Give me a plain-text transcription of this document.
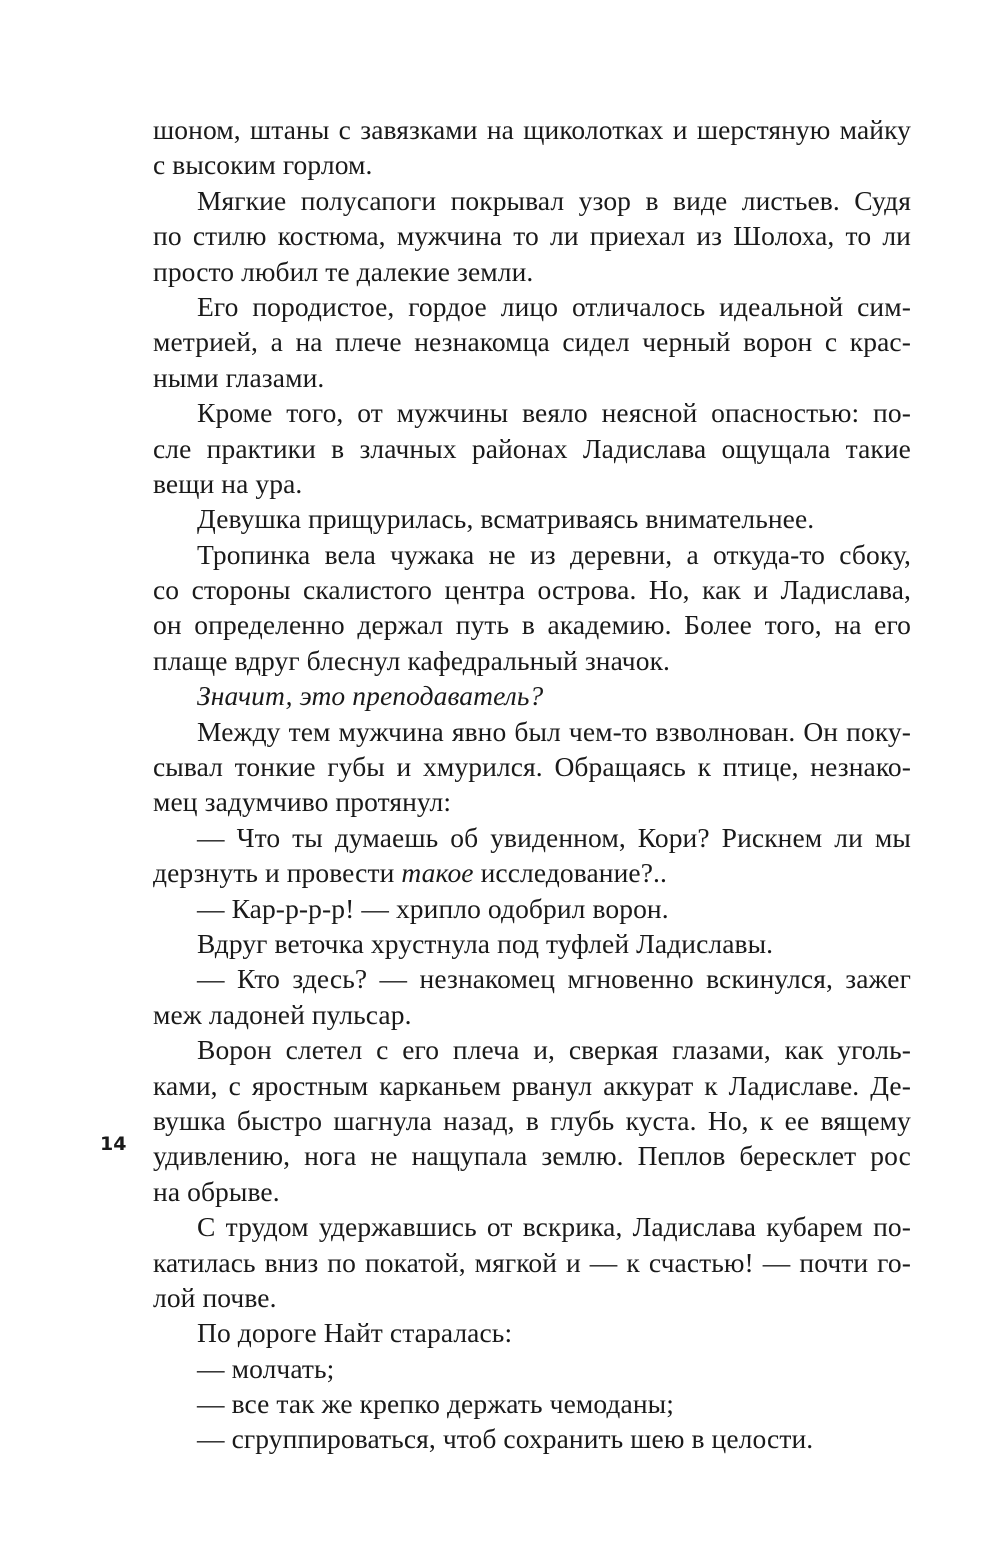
шоном, штаны с завязками на щиколотках и шерстяную майку
с высоким горлом.
Мягкие полусапоги покрывал узор в виде листьев. Судя
по стилю костюма, мужчина то ли приехал из Шолоха, то ли
просто любил те далекие земли.
Его породистое, гордое лицо отличалось идеальной сим-
метрией, а на плече незнакомца сидел черный ворон с крас-
ными глазами.
Кроме того, от мужчины веяло неясной опасностью: по-
сле практики в злачных районах Ладислава ощущала такие
вещи на ура.
Девушка прищурилась, всматриваясь внимательнее.
Тропинка вела чужака не из деревни, а откуда-то сбоку,
со стороны скалистого центра острова. Но, как и Ладислава,
он определенно держал путь в академию. Более того, на его
плаще вдруг блеснул кафедральный значок.
Значит, это преподаватель?
Между тем мужчина явно был чем-то взволнован. Он поку-
сывал тонкие губы и хмурился. Обращаясь к птице, незнако-
мец задумчиво протянул:
— Что ты думаешь об увиденном, Кори? Рискнем ли мы
дерзнуть и провести такое исследование?..
— Кар-р-р-р! — хрипло одобрил ворон.
Вдруг веточка хрустнула под туфлей Ладиславы.
— Кто здесь? — незнакомец мгновенно вскинулся, зажег
меж ладоней пульсар.
Ворон слетел с его плеча и, сверкая глазами, как уголь-
ками, с яростным карканьем рванул аккурат к Ладиславе. Де-
вушка быстро шагнула назад, в глубь куста. Но, к ее вящему
удивлению, нога не нащупала землю. Пеплов бересклет рос
на обрыве.
С трудом удержавшись от вскрика, Ладислава кубарем по-
катилась вниз по покатой, мягкой и — к счастью! — почти го-
лой почве.
По дороге Найт старалась:
— молчать;
— все так же крепко держать чемоданы;
— сгруппироваться, чтоб сохранить шею в целости.
14
